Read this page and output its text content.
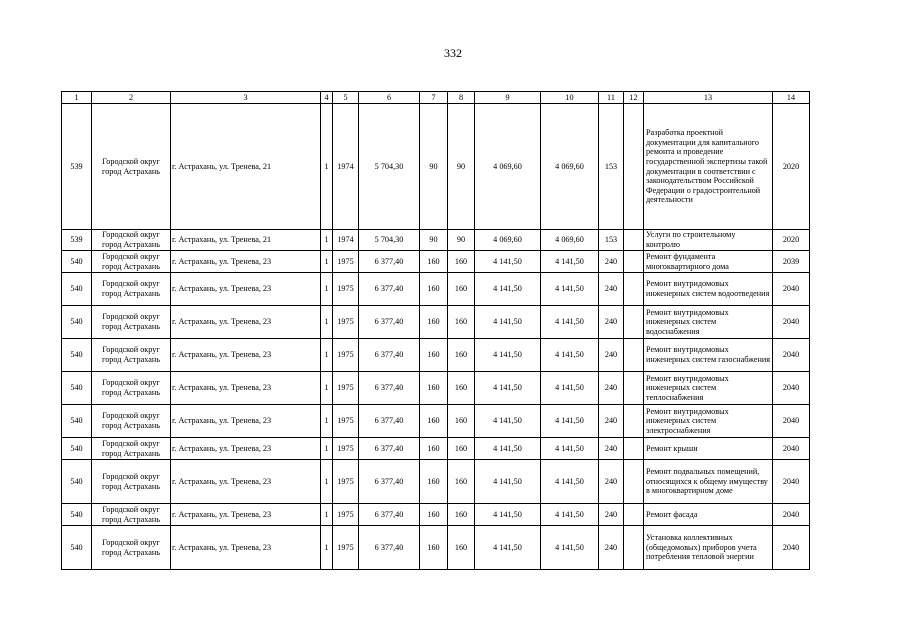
332
1	2	3	4	5	6	7	8	9	10	11	12	13	14
539	Городской округ город Астрахань	г. Астрахань, ул. Тренева, 21	1	1974	5 704,30	90	90	4 069,60	4 069,60	153		Разработка проектной документации для капитального ремонта и проведение государственной экспертизы такой документации в соответствии с законодательством Российской Федерации о градостроительной деятельности	2020
539	Городской округ город Астрахань	г. Астрахань, ул. Тренева, 21	1	1974	5 704,30	90	90	4 069,60	4 069,60	153		Услуги по строительному контролю	2020
540	Городской округ город Астрахань	г. Астрахань, ул. Тренева, 23	1	1975	6 377,40	160	160	4 141,50	4 141,50	240		Ремонт фундамента многоквартирного дома	2039
540	Городской округ город Астрахань	г. Астрахань, ул. Тренева, 23	1	1975	6 377,40	160	160	4 141,50	4 141,50	240		Ремонт внутридомовых инженерных систем водоотведения	2040
540	Городской округ город Астрахань	г. Астрахань, ул. Тренева, 23	1	1975	6 377,40	160	160	4 141,50	4 141,50	240		Ремонт внутридомовых инженерных систем водоснабжения	2040
540	Городской округ город Астрахань	г. Астрахань, ул. Тренева, 23	1	1975	6 377,40	160	160	4 141,50	4 141,50	240		Ремонт внутридомовых инженерных систем газоснабжения	2040
540	Городской округ город Астрахань	г. Астрахань, ул. Тренева, 23	1	1975	6 377,40	160	160	4 141,50	4 141,50	240		Ремонт внутридомовых инженерных систем теплоснабжения	2040
540	Городской округ город Астрахань	г. Астрахань, ул. Тренева, 23	1	1975	6 377,40	160	160	4 141,50	4 141,50	240		Ремонт внутридомовых инженерных систем электроснабжения	2040
540	Городской округ город Астрахань	г. Астрахань, ул. Тренева, 23	1	1975	6 377,40	160	160	4 141,50	4 141,50	240		Ремонт крыши	2040
540	Городской округ город Астрахань	г. Астрахань, ул. Тренева, 23	1	1975	6 377,40	160	160	4 141,50	4 141,50	240		Ремонт подвальных помещений, относящихся к общему имуществу в многоквартирном доме	2040
540	Городской округ город Астрахань	г. Астрахань, ул. Тренева, 23	1	1975	6 377,40	160	160	4 141,50	4 141,50	240		Ремонт фасада	2040
540	Городской округ город Астрахань	г. Астрахань, ул. Тренева, 23	1	1975	6 377,40	160	160	4 141,50	4 141,50	240		Установка коллективных (общедомовых) приборов учета потребления тепловой энергии	2040
